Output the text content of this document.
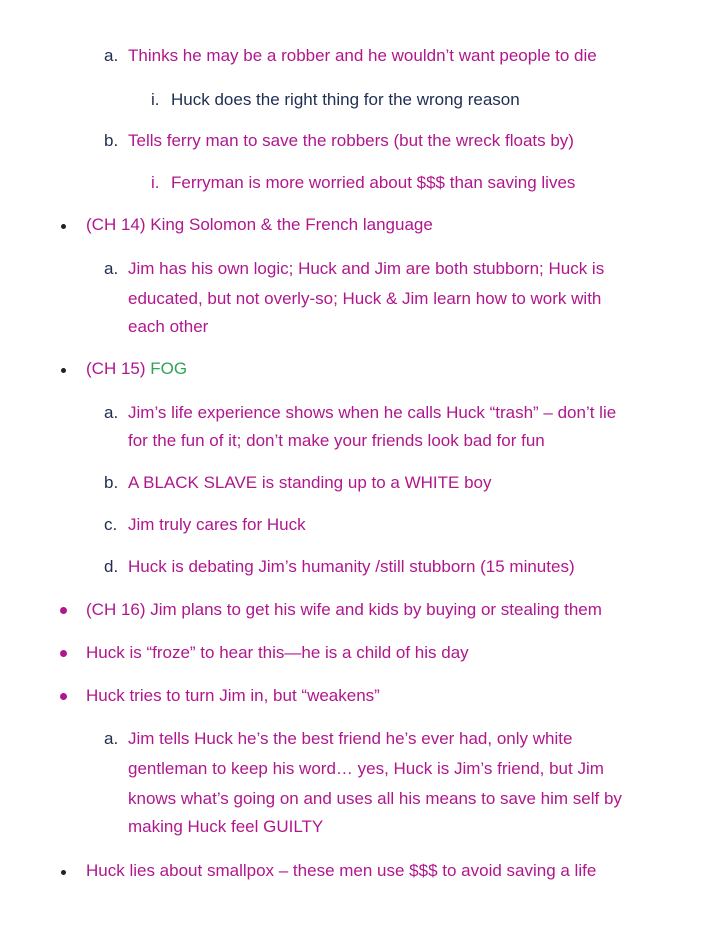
a. Thinks he may be a robber and he wouldn’t want people to die
i. Huck does the right thing for the wrong reason
b. Tells ferry man to save the robbers (but the wreck floats by)
i. Ferryman is more worried about $$$ than saving lives
(CH 14) King Solomon & the French language
a. Jim has his own logic; Huck and Jim are both stubborn; Huck is
educated, but not overly-so; Huck & Jim learn how to work with
each other
(CH 15) FOG
a. Jim’s life experience shows when he calls Huck “trash” – don’t lie
for the fun of it; don’t make your friends look bad for fun
b. A BLACK SLAVE is standing up to a WHITE boy
c. Jim truly cares for Huck
d. Huck is debating Jim’s humanity /still stubborn (15 minutes)
(CH 16) Jim plans to get his wife and kids by buying or stealing them
Huck is “froze” to hear this—he is a child of his day
Huck tries to turn Jim in, but “weakens”
a. Jim tells Huck he’s the best friend he’s ever had, only white
gentleman to keep his word… yes, Huck is Jim’s friend, but Jim
knows what’s going on and uses all his means to save him self by
making Huck feel GUILTY
Huck lies about smallpox – these men use $$$ to avoid saving a life
